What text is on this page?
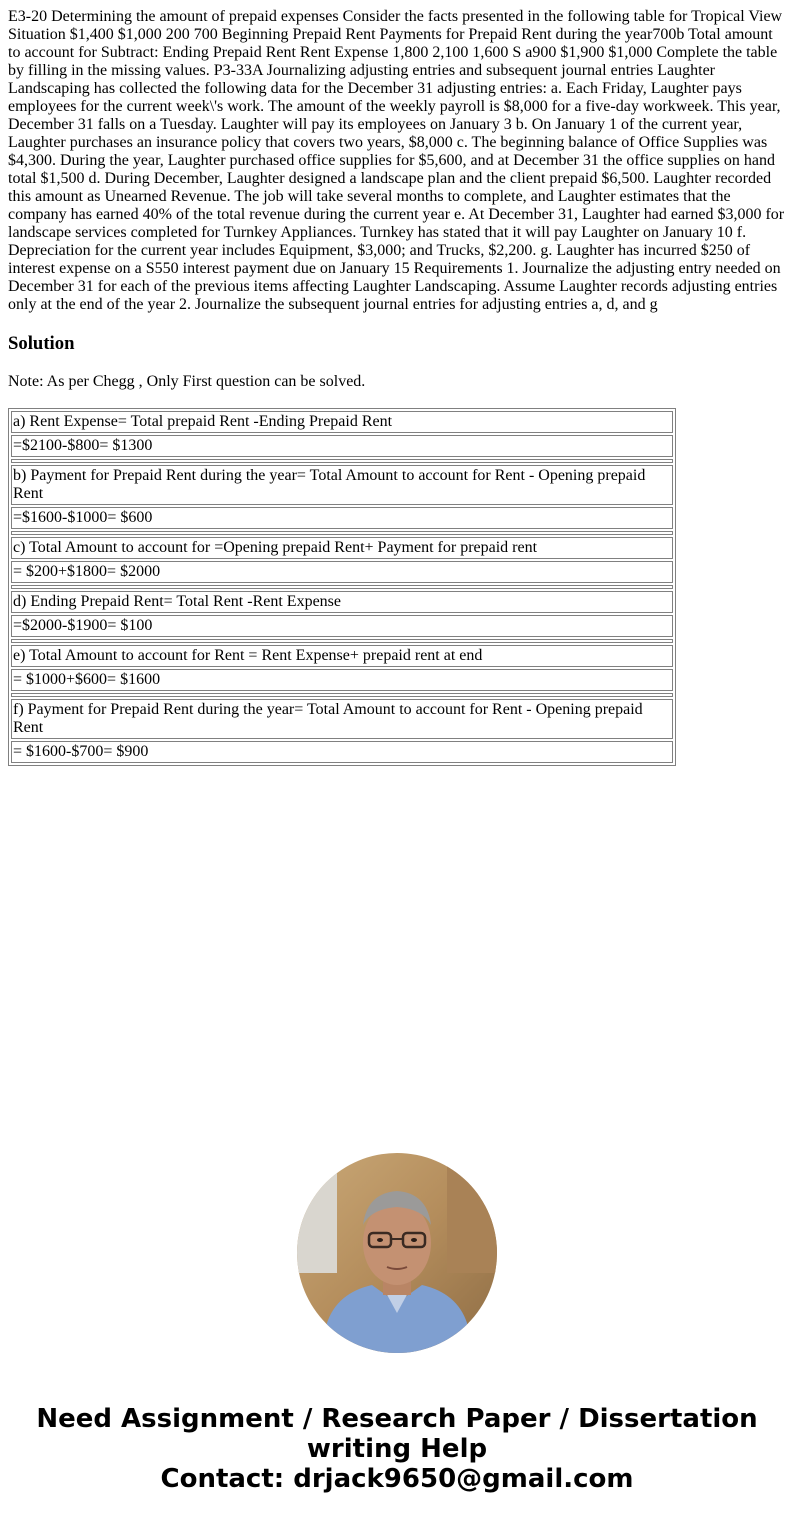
E3-20 Determining the amount of prepaid expenses Consider the facts presented in the following table for Tropical View Situation $1,400 $1,000 200 700 Beginning Prepaid Rent Payments for Prepaid Rent during the year700b Total amount to account for Subtract: Ending Prepaid Rent Rent Expense 1,800 2,100 1,600 S a900 $1,900 $1,000 Complete the table by filling in the missing values. P3-33A Journalizing adjusting entries and subsequent journal entries Laughter Landscaping has collected the following data for the December 31 adjusting entries: a. Each Friday, Laughter pays employees for the current week\'s work. The amount of the weekly payroll is $8,000 for a five-day workweek. This year, December 31 falls on a Tuesday. Laughter will pay its employees on January 3 b. On January 1 of the current year, Laughter purchases an insurance policy that covers two years, $8,000 c. The beginning balance of Office Supplies was $4,300. During the year, Laughter purchased office supplies for $5,600, and at December 31 the office supplies on hand total $1,500 d. During December, Laughter designed a landscape plan and the client prepaid $6,500. Laughter recorded this amount as Unearned Revenue. The job will take several months to complete, and Laughter estimates that the company has earned 40% of the total revenue during the current year e. At December 31, Laughter had earned $3,000 for landscape services completed for Turnkey Appliances. Turnkey has stated that it will pay Laughter on January 10 f. Depreciation for the current year includes Equipment, $3,000; and Trucks, $2,200. g. Laughter has incurred $250 of interest expense on a S550 interest payment due on January 15 Requirements 1. Journalize the adjusting entry needed on December 31 for each of the previous items affecting Laughter Landscaping. Assume Laughter records adjusting entries only at the end of the year 2. Journalize the subsequent journal entries for adjusting entries a, d, and g
Solution

Note: As per Chegg , Only First question can be solved.

a) Rent Expense= Total prepaid Rent -Ending Prepaid Rent
=$2100-$800= $1300

b) Payment for Prepaid Rent during the year= Total Amount to account for Rent - Opening prepaid Rent
=$1600-$1000= $600

c) Total Amount to account for =Opening prepaid Rent+ Payment for prepaid rent
= $200+$1800= $2000

d) Ending Prepaid Rent= Total Rent -Rent Expense
=$2000-$1900= $100

e) Total Amount to account for Rent = Rent Expense+ prepaid rent at end
= $1000+$600= $1600

f) Payment for Prepaid Rent during the year= Total Amount to account for Rent - Opening prepaid Rent
= $1600-$700= $900
Need Assignment / Research Paper / Dissertation
writing Help
Contact: drjack9650@gmail.com
